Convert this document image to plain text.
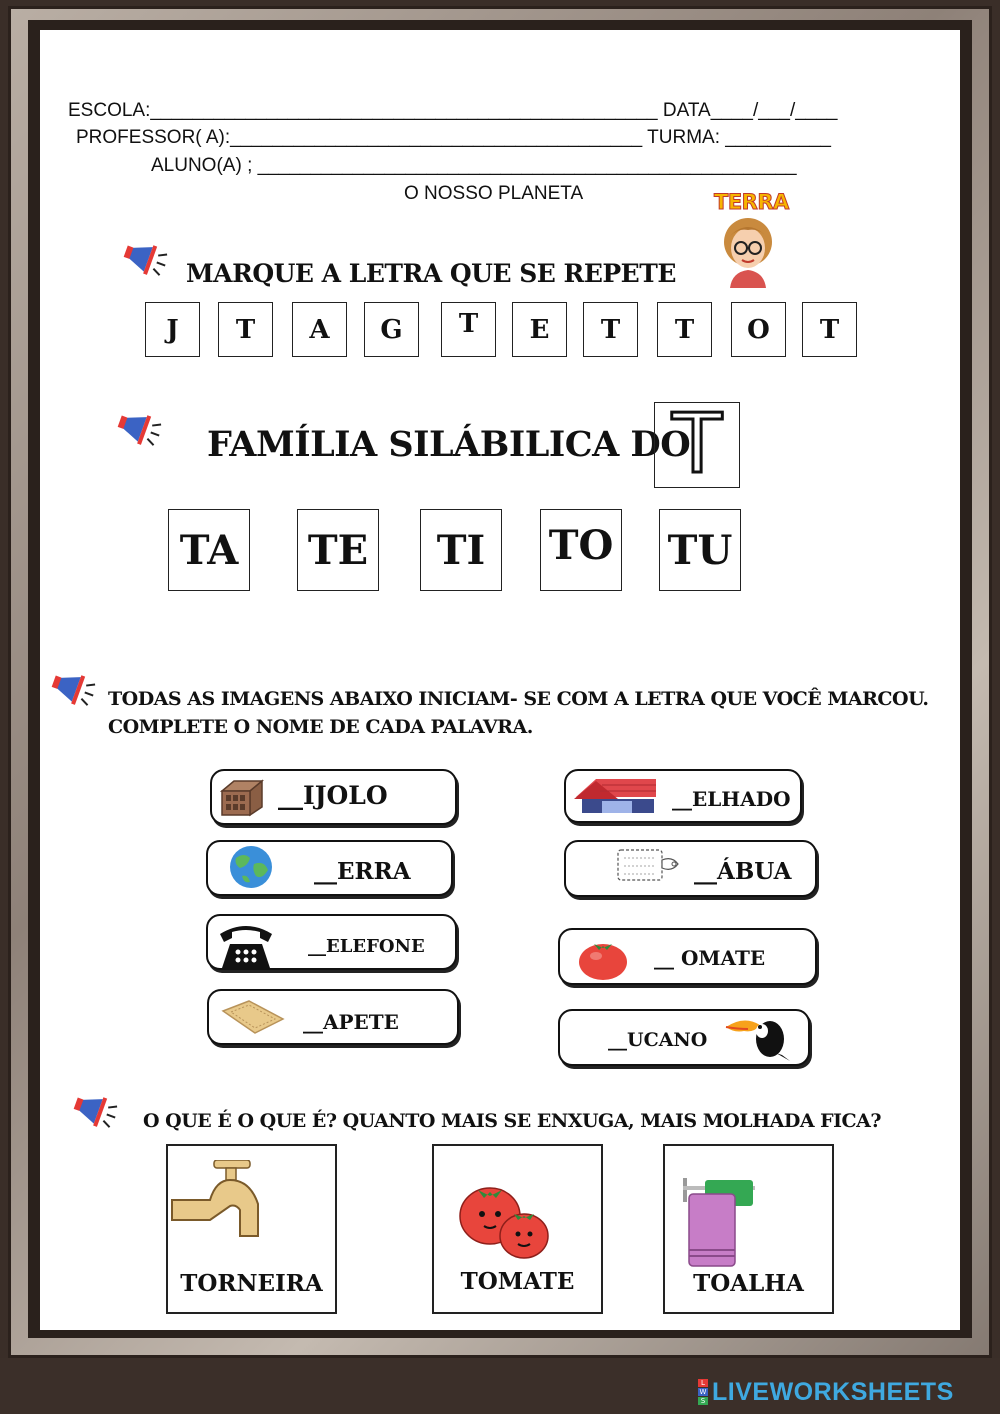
ESCOLA:________________________________________________ DATA____/___/____
PROFESSOR( A):_______________________________________ TURMA: __________
ALUNO(A) ; ___________________________________________________
O NOSSO PLANETA	TERRA
MARQUE A LETRA QUE SE REPETE
J	T	A	G	T	E	T	T	O	T
FAMÍLIA SILÁBILICA DO
T
TA TE	TI	TO TU
TODAS AS IMAGENS ABAIXO INICIAM- SE COM A LETRA QUE VOCÊ MARCOU.
COMPLETE O NOME DE CADA PALAVRA.
__IJOLO
__ERRA
__ELEFONE
__APETE
__ELHADO
__ÁBUA
__ OMATE
__UCANO
O QUE É O QUE É? QUANTO MAIS SE ENXUGA, MAIS MOLHADA FICA?
TORNEIRA	TOMATE	TOALHA
L
W
S LIVEWORKSHEETS
